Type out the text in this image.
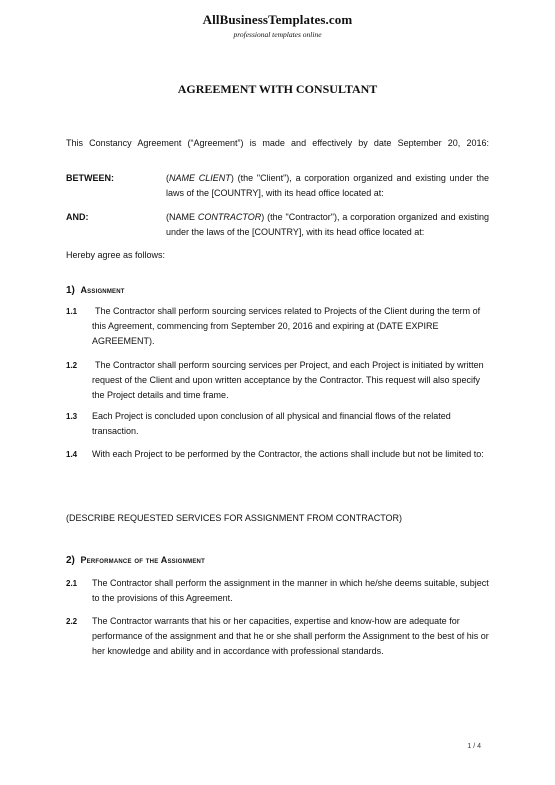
AllBusinessTemplates.com
professional templates online
AGREEMENT WITH CONSULTANT
This Constancy Agreement (“Agreement”) is made and effectively by date September 20, 2016:
BETWEEN:	(NAME CLIENT) (the "Client"), a corporation organized and existing under the laws of the [COUNTRY], with its head office located at:
AND:	(NAME CONTRACTOR) (the "Contractor"), a corporation organized and existing under the laws of the [COUNTRY], with its head office located at:
Hereby agree as follows:
1) Assignment
1.1	The Contractor shall perform sourcing services related to Projects of the Client during the term of this Agreement, commencing from September 20, 2016 and expiring at (DATE EXPIRE AGREEMENT).
1.2	The Contractor shall perform sourcing services per Project, and each Project is initiated by written request of the Client and upon written acceptance by the Contractor. This request will also specify the Project details and time frame.
1.3 Each Project is concluded upon conclusion of all physical and financial flows of the related transaction.
1.4 With each Project to be performed by the Contractor, the actions shall include but not be limited to:
(DESCRIBE REQUESTED SERVICES FOR ASSIGNMENT FROM CONTRACTOR)
2) Performance of the Assignment
2.1 The Contractor shall perform the assignment in the manner in which he/she deems suitable, subject to the provisions of this Agreement.
2.2 The Contractor warrants that his or her capacities, expertise and know-how are adequate for performance of the assignment and that he or she shall perform the Assignment to the best of his or her knowledge and ability and in accordance with professional standards.
1 / 4
